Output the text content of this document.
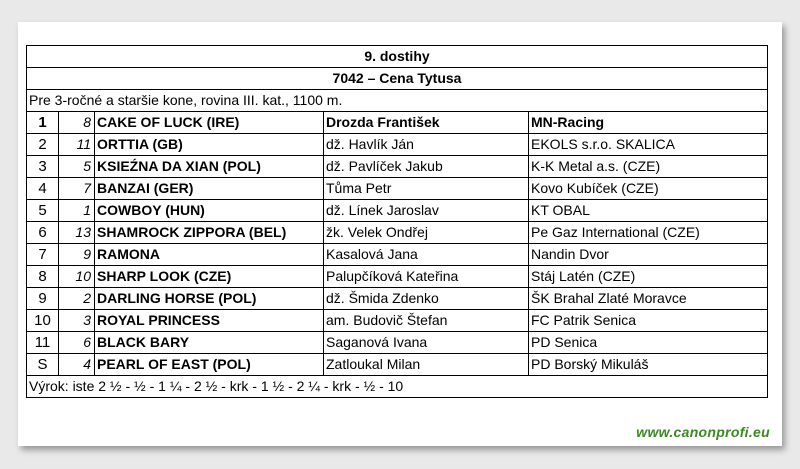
9. dostihy				
7042 – Cena Tytusa				
Pre 3-ročné a staršie kone, rovina III. kat., 1100 m.				
1	8	CAKE OF LUCK (IRE)	Drozda František	MN-Racing
2	11	ORTTIA (GB)	dž. Havlík Ján	EKOLS s.r.o. SKALICA
3	5	KSIEŹNA DA XIAN (POL)	dž. Pavlíček Jakub	K-K Metal a.s. (CZE)
4	7	BANZAI (GER)	Tůma Petr	Kovo Kubíček (CZE)
5	1	COWBOY (HUN)	dž. Línek Jaroslav	KT OBAL
6	13	SHAMROCK ZIPPORA (BEL)	žk. Velek Ondřej	Pe Gaz International (CZE)
7	9	RAMONA	Kasalová Jana	Nandin Dvor
8	10	SHARP LOOK (CZE)	Palupčíková Kateřina	Stáj Latén (CZE)
9	2	DARLING HORSE (POL)	dž. Šmida Zdenko	ŠK Brahal Zlaté Moravce
10	3	ROYAL PRINCESS	am. Budovič Štefan	FC Patrik Senica
11	6	BLACK BARY	Saganová Ivana	PD Senica
S	4	PEARL OF EAST (POL)	Zatloukal Milan	PD Borský Mikuláš
Výrok: iste 2 ½ - ½ - 1 ¼ - 2 ½ - krk - 1 ½ - 2 ¼ - krk - ½ - 10				
www.canonprofi.eu
